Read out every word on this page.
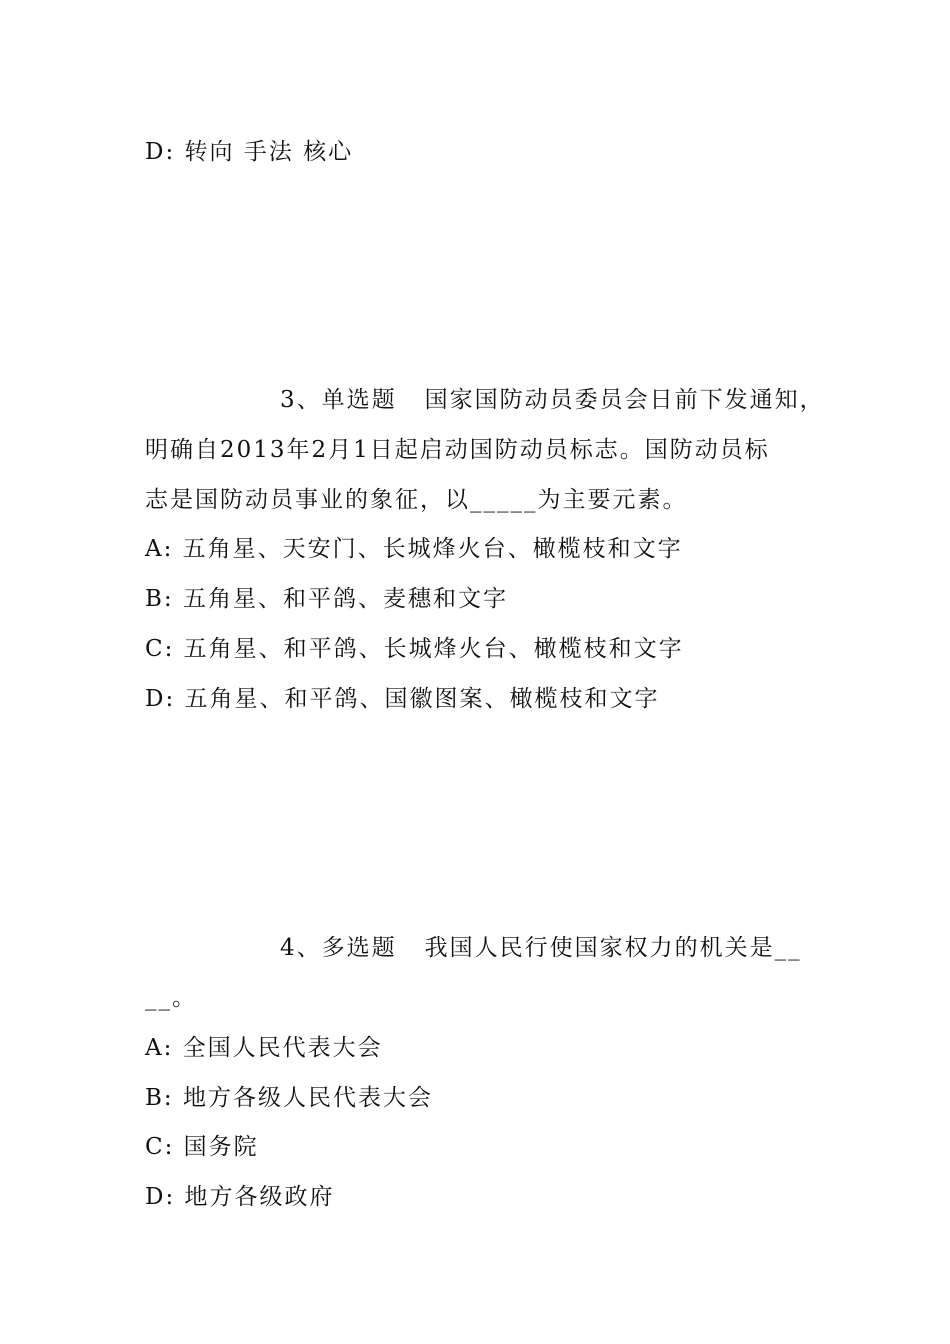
D: 转向 手法 核心
3、单选题   国家国防动员委员会日前下发通知，
明确自2013年2月1日起启动国防动员标志。国防动员标
志是国防动员事业的象征，以_____为主要元素。
A: 五角星、天安门、长城烽火台、橄榄枝和文字
B: 五角星、和平鸽、麦穗和文字
C: 五角星、和平鸽、长城烽火台、橄榄枝和文字
D: 五角星、和平鸽、国徽图案、橄榄枝和文字
4、多选题   我国人民行使国家权力的机关是__
__。
A: 全国人民代表大会
B: 地方各级人民代表大会
C: 国务院
D: 地方各级政府
